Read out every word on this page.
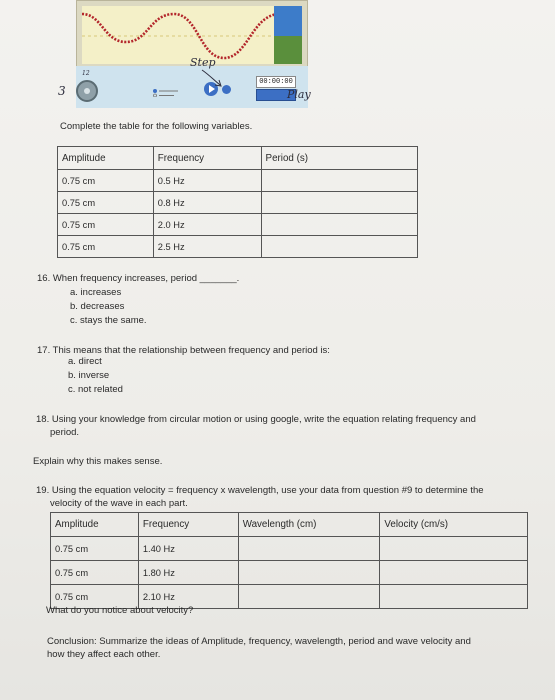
00:00:00
3
12
Step
Play
Complete the table for the following variables.
Amplitude	Frequency	Period (s)
0.75 cm	0.5 Hz	
0.75 cm	0.8 Hz	
0.75 cm	2.0 Hz	
0.75 cm	2.5 Hz	
16. When frequency increases, period _______.
a. increases
b. decreases
c. stays the same.
17. This means that the relationship between frequency and period is:
a. direct
b. inverse
c. not related
18. Using your knowledge from circular motion or using google, write the equation relating frequency and
period.
Explain why this makes sense.
19. Using the equation velocity = frequency x wavelength, use your data from question #9 to determine the
velocity of the wave in each part.
Amplitude	Frequency	Wavelength (cm)	Velocity (cm/s)
0.75 cm	1.40 Hz		
0.75 cm	1.80 Hz		
0.75 cm	2.10 Hz		
What do you notice about velocity?
Conclusion: Summarize the ideas of Amplitude, frequency, wavelength, period and wave velocity and
how they affect each other.
